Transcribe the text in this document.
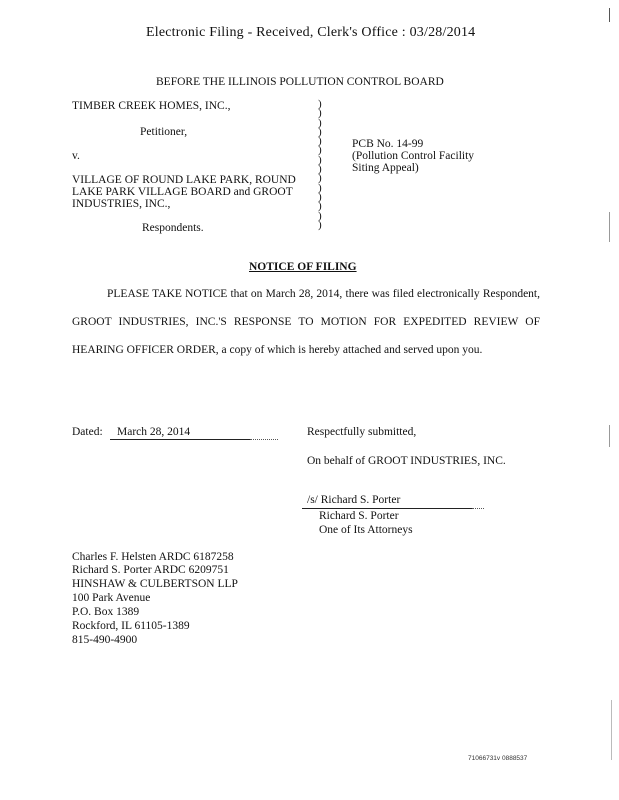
Electronic Filing - Received, Clerk's Office : 03/28/2014
BEFORE THE ILLINOIS POLLUTION CONTROL BOARD
TIMBER CREEK HOMES, INC.,
Petitioner,
v.
VILLAGE OF ROUND LAKE PARK, ROUND
LAKE PARK VILLAGE BOARD and GROOT
INDUSTRIES, INC.,
Respondents.
)
)
)
)
)
)
)
)
)
)
)
)
)
)
PCB No. 14-99
(Pollution Control Facility
Siting Appeal)
NOTICE OF FILING
PLEASE TAKE NOTICE that on March 28, 2014, there was filed electronically Respondent, GROOT INDUSTRIES, INC.'S RESPONSE TO MOTION FOR EXPEDITED REVIEW OF HEARING OFFICER ORDER, a copy of which is hereby attached and served upon you.
Dated: March 28, 2014	Respectfully submitted,
On behalf of GROOT INDUSTRIES, INC.
/s/ Richard S. Porter
Richard S. Porter
One of Its Attorneys
Charles F. Helsten ARDC 6187258
Richard S. Porter ARDC 6209751
HINSHAW & CULBERTSON LLP
100 Park Avenue
P.O. Box 1389
Rockford, IL 61105-1389
815-490-4900
71066731v 0888537
